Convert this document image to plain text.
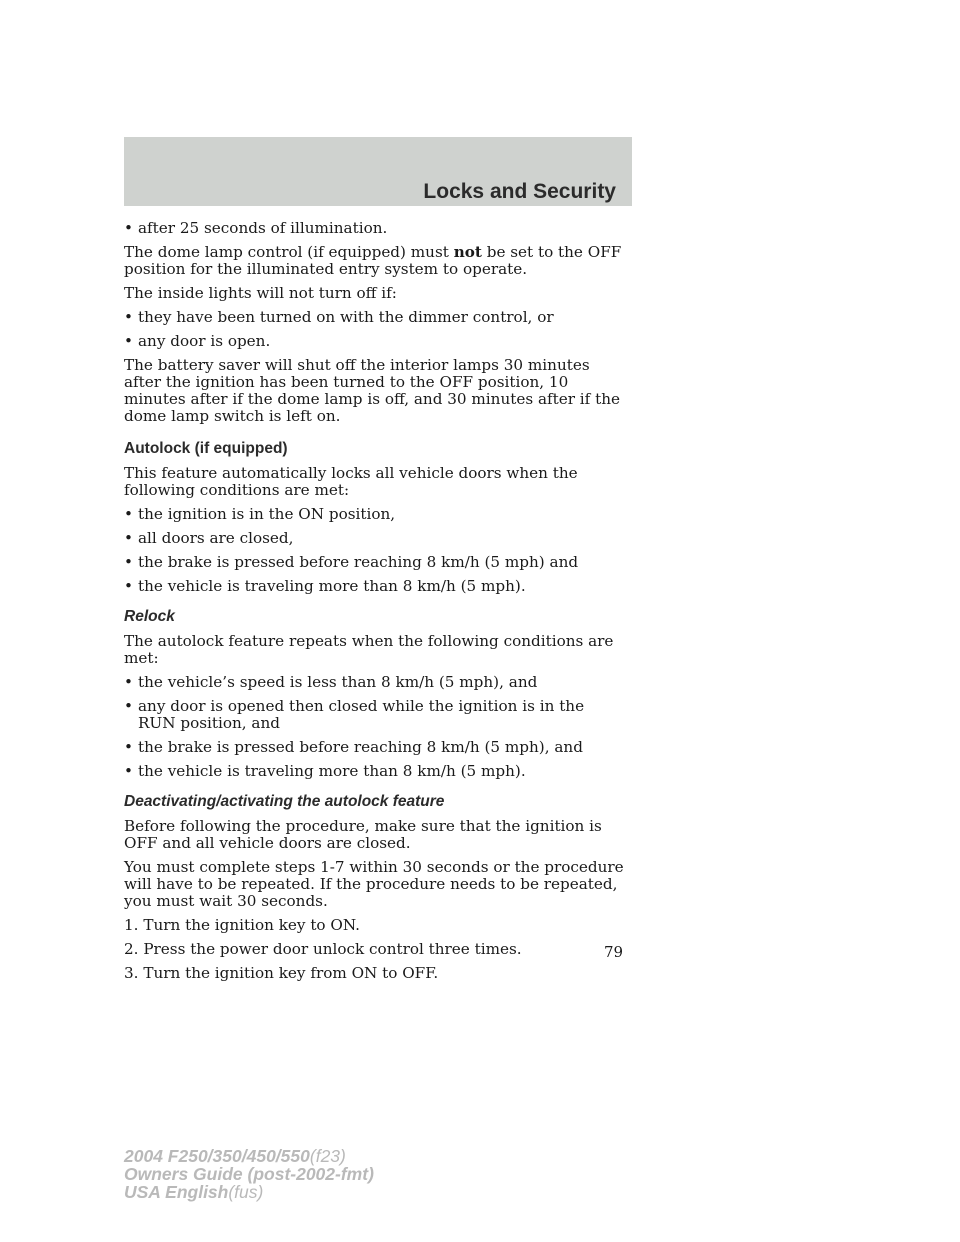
Locks and Security
• after 25 seconds of illumination.
The dome lamp control (if equipped) must not be set to the OFF position for the illuminated entry system to operate.
The inside lights will not turn off if:
• they have been turned on with the dimmer control, or
• any door is open.
The battery saver will shut off the interior lamps 30 minutes after the ignition has been turned to the OFF position, 10 minutes after if the dome lamp is off, and 30 minutes after if the dome lamp switch is left on.
Autolock (if equipped)
This feature automatically locks all vehicle doors when the following conditions are met:
• the ignition is in the ON position,
• all doors are closed,
• the brake is pressed before reaching 8 km/h (5 mph) and
• the vehicle is traveling more than 8 km/h (5 mph).
Relock
The autolock feature repeats when the following conditions are met:
• the vehicle’s speed is less than 8 km/h (5 mph), and
• any door is opened then closed while the ignition is in the RUN position, and
• the brake is pressed before reaching 8 km/h (5 mph), and
• the vehicle is traveling more than 8 km/h (5 mph).
Deactivating/activating the autolock feature
Before following the procedure, make sure that the ignition is OFF and all vehicle doors are closed.
You must complete steps 1-7 within 30 seconds or the procedure will have to be repeated. If the procedure needs to be repeated, you must wait 30 seconds.
1. Turn the ignition key to ON.
2. Press the power door unlock control three times.
3. Turn the ignition key from ON to OFF.
79
2004 F250/350/450/550(f23)
Owners Guide (post-2002-fmt)
USA English(fus)
